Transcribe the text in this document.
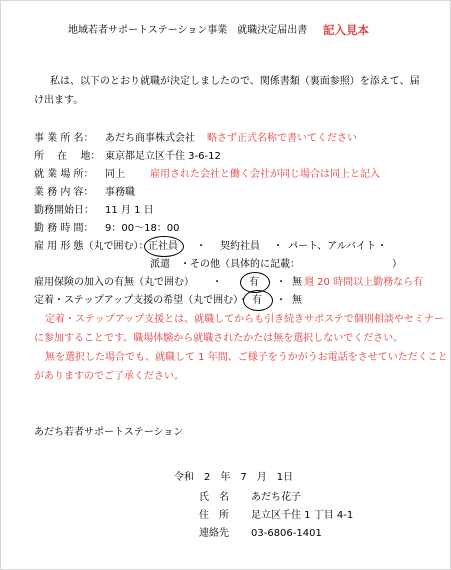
地域若者サポートステーション事業　就職決定届出書 記入見本
私は、以下のとおり就職が決定しましたので、関係書類（裏面参照）を添えて、届
け出ます。
事 業 所 名： あだち商事株式会社 略さず正式名称で書いてください
所　 在　 地： 東京都足立区千住 3-6-12
就 業 場 所： 同上	雇用された会社と働く会社が同じ場合は同上と記入
業 務 内 容： 事務職
勤務開始日： 11 月 1 日
勤 務 時 間： 9：00～18：00
雇 用 形 態（丸で囲む）： 正社員 ・ 契約社員 ・ パート、アルバイト ・
派遣　・その他（具体的に記載：	）
雇用保険の加入の有無（丸で囲む） ・	有 ・ 無 週 20 時間以上勤務なら有
定着・ステップアップ支援の希望（丸で囲む）・ 有 ・ 無
定着・ステップアップ支援とは、就職してからも引き続きサポステで個別相談やセミナー
に参加することです。職場体験から就職されたかたは無を選択しないでください。
無を選択した場合でも、就職して 1 年間、ご様子をうかがうお電話をさせていただくこと
がありますのでご了承ください。
あだち若者サポートステーション
令和　2　年　7　月　1日
氏　名 あだち花子
住　所 足立区千住 1 丁目 4-1
連絡先 03-6806-1401
